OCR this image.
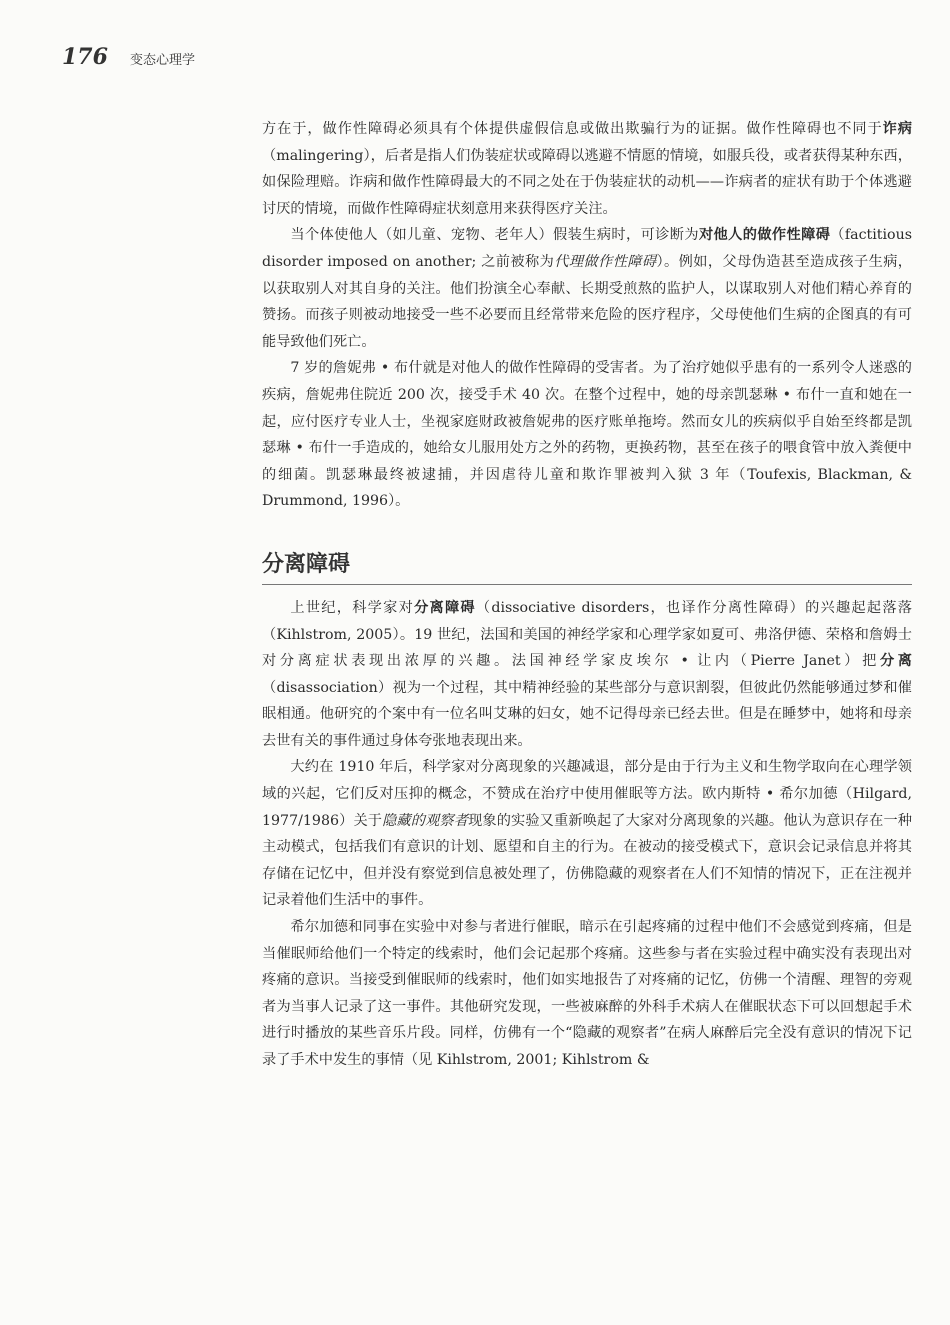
176 变态心理学

方在于，做作性障碍必须具有个体提供虚假信息或做出欺骗行为的证据。做作性障碍也不同于诈病（malingering），后者是指人们伪装症状或障碍以逃避不情愿的情境，如服兵役，或者获得某种东西，如保险理赔。诈病和做作性障碍最大的不同之处在于伪装症状的动机——诈病者的症状有助于个体逃避讨厌的情境，而做作性障碍症状刻意用来获得医疗关注。

当个体使他人（如儿童、宠物、老年人）假装生病时，可诊断为对他人的做作性障碍（factitious disorder imposed on another; 之前被称为代理做作性障碍）。例如，父母伪造甚至造成孩子生病，以获取别人对其自身的关注。他们扮演全心奉献、长期受煎熬的监护人，以谋取别人对他们精心养育的赞扬。而孩子则被动地接受一些不必要而且经常带来危险的医疗程序，父母使他们生病的企图真的有可能导致他们死亡。

7 岁的詹妮弗 • 布什就是对他人的做作性障碍的受害者。为了治疗她似乎患有的一系列令人迷惑的疾病，詹妮弗住院近 200 次，接受手术 40 次。在整个过程中，她的母亲凯瑟琳 • 布什一直和她在一起，应付医疗专业人士，坐视家庭财政被詹妮弗的医疗账单拖垮。然而女儿的疾病似乎自始至终都是凯瑟琳 • 布什一手造成的，她给女儿服用处方之外的药物，更换药物，甚至在孩子的喂食管中放入粪便中的细菌。凯瑟琳最终被逮捕，并因虐待儿童和欺诈罪被判入狱 3 年（Toufexis, Blackman, & Drummond, 1996）。

分离障碍

上世纪，科学家对分离障碍（dissociative disorders，也译作分离性障碍）的兴趣起起落落（Kihlstrom, 2005）。19 世纪，法国和美国的神经学家和心理学家如夏可、弗洛伊德、荣格和詹姆士对分离症状表现出浓厚的兴趣。法国神经学家皮埃尔 • 让内（Pierre Janet）把分离（disassociation）视为一个过程，其中精神经验的某些部分与意识割裂，但彼此仍然能够通过梦和催眠相通。他研究的个案中有一位名叫艾琳的妇女，她不记得母亲已经去世。但是在睡梦中，她将和母亲去世有关的事件通过身体夸张地表现出来。

大约在 1910 年后，科学家对分离现象的兴趣减退，部分是由于行为主义和生物学取向在心理学领域的兴起，它们反对压抑的概念，不赞成在治疗中使用催眠等方法。欧内斯特 • 希尔加德（Hilgard, 1977/1986）关于隐藏的观察者现象的实验又重新唤起了大家对分离现象的兴趣。他认为意识存在一种主动模式，包括我们有意识的计划、愿望和自主的行为。在被动的接受模式下，意识会记录信息并将其存储在记忆中，但并没有察觉到信息被处理了，仿佛隐藏的观察者在人们不知情的情况下，正在注视并记录着他们生活中的事件。

希尔加德和同事在实验中对参与者进行催眠，暗示在引起疼痛的过程中他们不会感觉到疼痛，但是当催眠师给他们一个特定的线索时，他们会记起那个疼痛。这些参与者在实验过程中确实没有表现出对疼痛的意识。当接受到催眠师的线索时，他们如实地报告了对疼痛的记忆，仿佛一个清醒、理智的旁观者为当事人记录了这一事件。其他研究发现，一些被麻醉的外科手术病人在催眠状态下可以回想起手术进行时播放的某些音乐片段。同样，仿佛有一个“隐藏的观察者”在病人麻醉后完全没有意识的情况下记录了手术中发生的事情（见 Kihlstrom, 2001; Kihlstrom &
